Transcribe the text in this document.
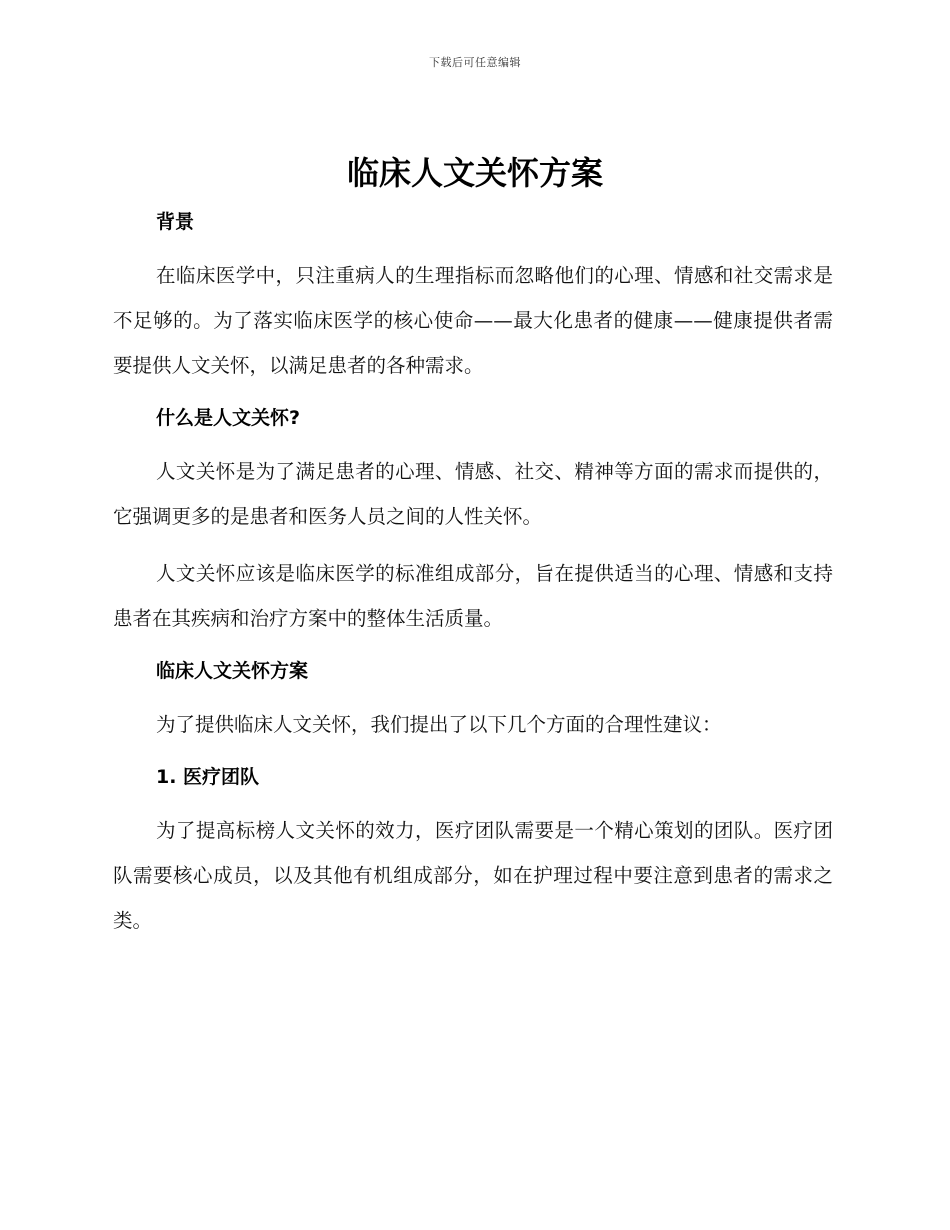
下载后可任意编辑
临床人文关怀方案
背景

在临床医学中，只注重病人的生理指标而忽略他们的心理、情感和社交需求是不足够的。为了落实临床医学的核心使命——最大化患者的健康——健康提供者需要提供人文关怀，以满足患者的各种需求。

什么是人文关怀?

人文关怀是为了满足患者的心理、情感、社交、精神等方面的需求而提供的，它强调更多的是患者和医务人员之间的人性关怀。

人文关怀应该是临床医学的标准组成部分，旨在提供适当的心理、情感和支持患者在其疾病和治疗方案中的整体生活质量。

临床人文关怀方案

为了提供临床人文关怀，我们提出了以下几个方面的合理性建议：

1. 医疗团队

为了提高标榜人文关怀的效力，医疗团队需要是一个精心策划的团队。医疗团队需要核心成员，以及其他有机组成部分，如在护理过程中要注意到患者的需求之类。
